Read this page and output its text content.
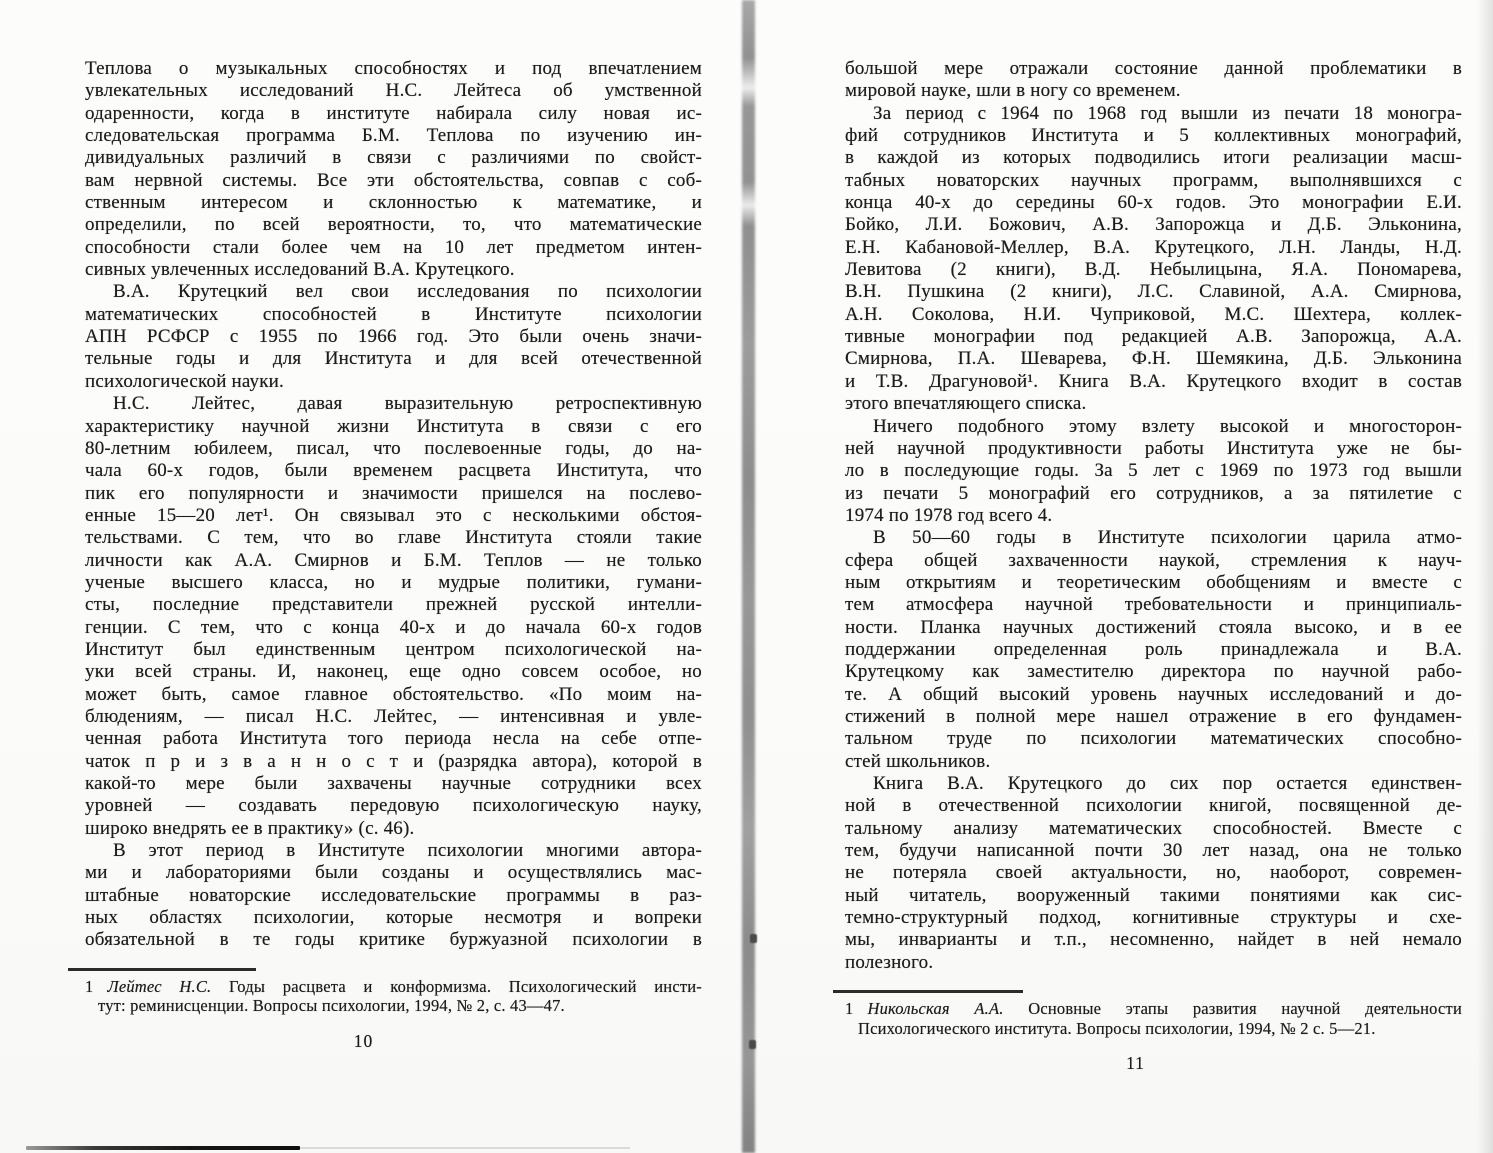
Теплова о музыкальных способностях и под впечатлением
увлекательных исследований Н.С. Лейтеса об умственной
одаренности, когда в институте набирала силу новая ис-
следовательская программа Б.М. Теплова по изучению ин-
дивидуальных различий в связи с различиями по свойст-
вам нервной системы. Все эти обстоятельства, совпав с соб-
ственным интересом и склонностью к математике, и
определили, по всей вероятности, то, что математические
способности стали более чем на 10 лет предметом интен-
сивных увлеченных исследований В.А. Крутецкого.
В.А. Крутецкий вел свои исследования по психологии
математических способностей в Институте психологии
АПН РСФСР с 1955 по 1966 год. Это были очень значи-
тельные годы и для Института и для всей отечественной
психологической науки.
Н.С. Лейтес, давая выразительную ретроспективную
характеристику научной жизни Института в связи с его
80-летним юбилеем, писал, что послевоенные годы, до на-
чала 60-х годов, были временем расцвета Института, что
пик его популярности и значимости пришелся на послево-
енные 15—20 лет¹. Он связывал это с несколькими обстоя-
тельствами. С тем, что во главе Института стояли такие
личности как А.А. Смирнов и Б.М. Теплов — не только
ученые высшего класса, но и мудрые политики, гумани-
сты, последние представители прежней русской интелли-
генции. С тем, что с конца 40-х и до начала 60-х годов
Институт был единственным центром психологической на-
уки всей страны. И, наконец, еще одно совсем особое, но
может быть, самое главное обстоятельство. «По моим на-
блюдениям, — писал Н.С. Лейтес, — интенсивная и увле-
ченная работа Института того периода несла на себе отпе-
чаток п р и з в а н н о с т и (разрядка автора), которой в
какой-то мере были захвачены научные сотрудники всех
уровней — создавать передовую психологическую науку,
широко внедрять ее в практику» (с. 46).
В этот период в Институте психологии многими автора-
ми и лабораториями были созданы и осуществлялись мас-
штабные новаторские исследовательские программы в раз-
ных областях психологии, которые несмотря и вопреки
обязательной в те годы критике буржуазной психологии в
1 Лейтес Н.С. Годы расцвета и конформизма. Психологический инсти-
тут: реминисценции. Вопросы психологии, 1994, № 2, с. 43—47.
10
большой мере отражали состояние данной проблематики в
мировой науке, шли в ногу со временем.
За период с 1964 по 1968 год вышли из печати 18 моногра-
фий сотрудников Института и 5 коллективных монографий,
в каждой из которых подводились итоги реализации масш-
табных новаторских научных программ, выполнявшихся с
конца 40-х до середины 60-х годов. Это монографии Е.И.
Бойко, Л.И. Божович, А.В. Запорожца и Д.Б. Эльконина,
Е.Н. Кабановой-Меллер, В.А. Крутецкого, Л.Н. Ланды, Н.Д.
Левитова (2 книги), В.Д. Небылицына, Я.А. Пономарева,
В.Н. Пушкина (2 книги), Л.С. Славиной, А.А. Смирнова,
А.Н. Соколова, Н.И. Чуприковой, М.С. Шехтера, коллек-
тивные монографии под редакцией А.В. Запорожца, А.А.
Смирнова, П.А. Шеварева, Ф.Н. Шемякина, Д.Б. Эльконина
и Т.В. Драгуновой¹. Книга В.А. Крутецкого входит в состав
этого впечатляющего списка.
Ничего подобного этому взлету высокой и многосторон-
ней научной продуктивности работы Института уже не бы-
ло в последующие годы. За 5 лет с 1969 по 1973 год вышли
из печати 5 монографий его сотрудников, а за пятилетие с
1974 по 1978 год всего 4.
В 50—60 годы в Институте психологии царила атмо-
сфера общей захваченности наукой, стремления к науч-
ным открытиям и теоретическим обобщениям и вместе с
тем атмосфера научной требовательности и принципиаль-
ности. Планка научных достижений стояла высоко, и в ее
поддержании определенная роль принадлежала и В.А.
Крутецкому как заместителю директора по научной рабо-
те. А общий высокий уровень научных исследований и до-
стижений в полной мере нашел отражение в его фундамен-
тальном труде по психологии математических способно-
стей школьников.
Книга В.А. Крутецкого до сих пор остается единствен-
ной в отечественной психологии книгой, посвященной де-
тальному анализу математических способностей. Вместе с
тем, будучи написанной почти 30 лет назад, она не только
не потеряла своей актуальности, но, наоборот, современ-
ный читатель, вооруженный такими понятиями как сис-
темно-структурный подход, когнитивные структуры и схе-
мы, инварианты и т.п., несомненно, найдет в ней немало
полезного.
1 Никольская А.А. Основные этапы развития научной деятельности
Психологического института. Вопросы психологии, 1994, № 2 с. 5—21.
11
